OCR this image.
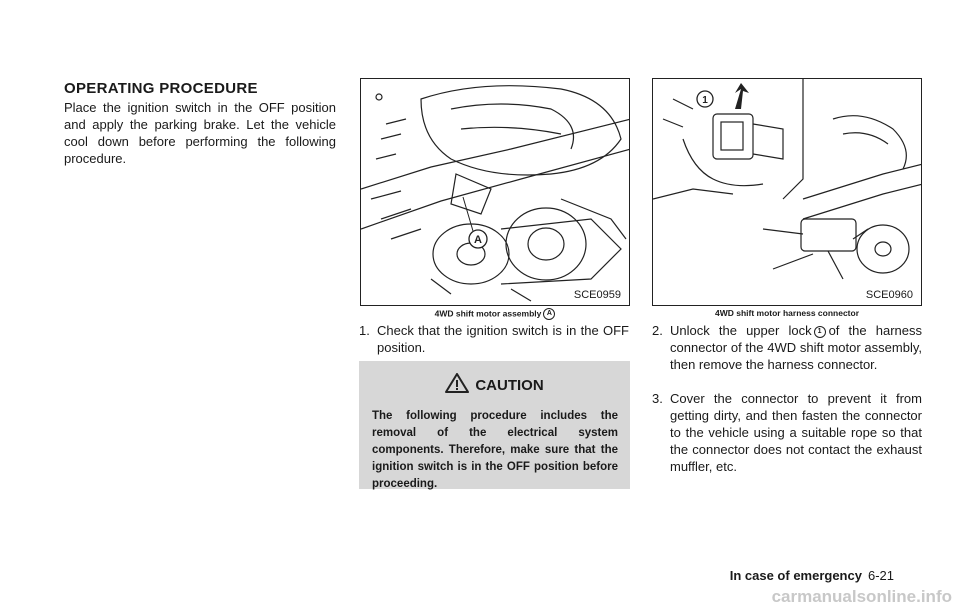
OPERATING PROCEDURE
Place the ignition switch in the OFF position and apply the parking brake. Let the vehicle cool down before performing the following procedure.
A
SCE0959
4WD shift motor assembly A
1
SCE0960
4WD shift motor harness connector
1. Check that the ignition switch is in the OFF position.
CAUTION
The following procedure includes the removal of the electrical system components. Therefore, make sure that the ignition switch is in the OFF position before proceeding.
2. Unlock the upper lock 1 of the harness connector of the 4WD shift motor assembly, then remove the harness connector.
3. Cover the connector to prevent it from getting dirty, and then fasten the connector to the vehicle using a suitable rope so that the connector does not contact the exhaust muffler, etc.
In case of emergency 6-21
carmanualsonline.info
